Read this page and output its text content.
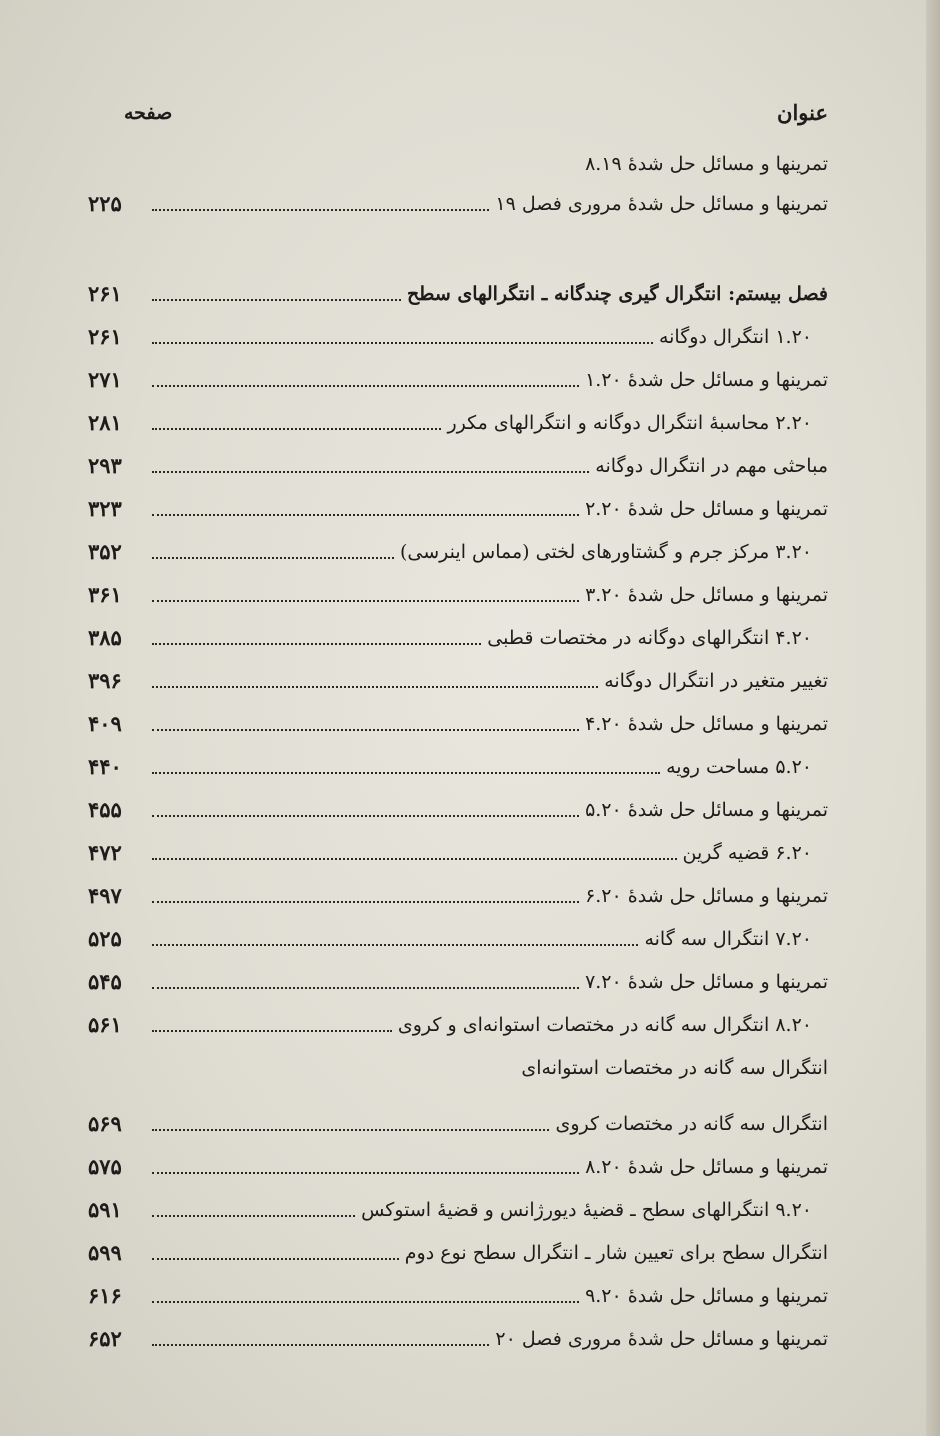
عنوان
صفحه
تمرینها و مسائل حل شدهٔ ۸.۱۹
تمرینها و مسائل حل شدهٔ مروری فصل ۱۹
۲۲۵
فصل بیستم: انتگرال گیری چندگانه ـ انتگرالهای سطح
۲۶۱
۱.۲۰ انتگرال دوگانه
۲۶۱
تمرینها و مسائل حل شدهٔ ۱.۲۰
۲۷۱
۲.۲۰ محاسبهٔ انتگرال دوگانه و انتگرالهای مکرر
۲۸۱
مباحثی مهم در انتگرال دوگانه
۲۹۳
تمرینها و مسائل حل شدهٔ ۲.۲۰
۳۲۳
۳.۲۰ مرکز جرم و گشتاورهای لختی (مماس اینرسی)
۳۵۲
تمرینها و مسائل حل شدهٔ ۳.۲۰
۳۶۱
۴.۲۰ انتگرالهای دوگانه در مختصات قطبی
۳۸۵
تغییر متغیر در انتگرال دوگانه
۳۹۶
تمرینها و مسائل حل شدهٔ ۴.۲۰
۴۰۹
۵.۲۰ مساحت رویه
۴۴۰
تمرینها و مسائل حل شدهٔ ۵.۲۰
۴۵۵
۶.۲۰ قضیه گرین
۴۷۲
تمرینها و مسائل حل شدهٔ ۶.۲۰
۴۹۷
۷.۲۰ انتگرال سه گانه
۵۲۵
تمرینها و مسائل حل شدهٔ ۷.۲۰
۵۴۵
۸.۲۰ انتگرال سه گانه در مختصات استوانه‌ای و کروی
۵۶۱
انتگرال سه گانه در مختصات استوانه‌ای
انتگرال سه گانه در مختصات کروی
۵۶۹
تمرینها و مسائل حل شدهٔ ۸.۲۰
۵۷۵
۹.۲۰ انتگرالهای سطح ـ قضیهٔ دیورژانس و قضیهٔ استوکس
۵۹۱
انتگرال سطح برای تعیین شار ـ انتگرال سطح نوع دوم
۵۹۹
تمرینها و مسائل حل شدهٔ ۹.۲۰
۶۱۶
تمرینها و مسائل حل شدهٔ مروری فصل ۲۰
۶۵۲
